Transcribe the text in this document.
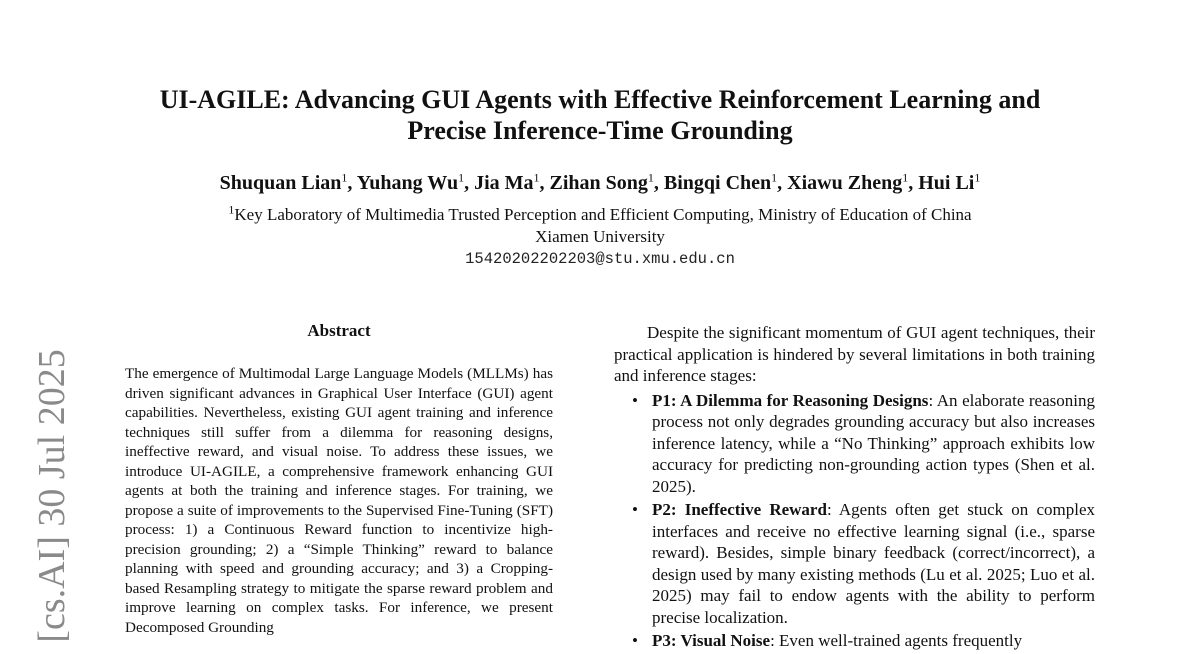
UI-AGILE: Advancing GUI Agents with Effective Reinforcement Learning and
Precise Inference-Time Grounding
Shuquan Lian$^1$, Yuhang Wu$^1$, Jia Ma$^1$, Zihan Song$^1$, Bingqi Chen$^1$, Xiawu Zheng$^1$, Hui Li$^1$
$^1$Key Laboratory of Multimedia Trusted Perception and Efficient Computing, Ministry of Education of China
Xiamen University
15420202202203@stu.xmu.edu.cn
[cs.AI] 30 Jul 2025
Abstract

The emergence of Multimodal Large Language Models (MLLMs) has driven significant advances in Graphical User Interface (GUI) agent capabilities. Nevertheless, existing GUI agent training and inference techniques still suffer from a dilemma for reasoning designs, ineffective reward, and visual noise. To address these issues, we introduce UI-AGILE, a comprehensive framework enhancing GUI agents at both the training and inference stages. For training, we propose a suite of improvements to the Supervised Fine-Tuning (SFT) process: 1) a Continuous Reward function to incentivize high-precision grounding; 2) a “Simple Thinking” reward to balance planning with speed and grounding accuracy; and 3) a Cropping-based Resampling strategy to mitigate the sparse reward problem and improve learning on complex tasks. For inference, we present Decomposed Grounding

Despite the significant momentum of GUI agent techniques, their practical application is hindered by several limitations in both training and inference stages:

• P1: A Dilemma for Reasoning Designs: An elaborate reasoning process not only degrades grounding accuracy but also increases inference latency, while a “No Thinking” approach exhibits low accuracy for predicting non-grounding action types (Shen et al. 2025).
• P2: Ineffective Reward: Agents often get stuck on complex interfaces and receive no effective learning signal (i.e., sparse reward). Besides, simple binary feedback (correct/incorrect), a design used by many existing methods (Lu et al. 2025; Luo et al. 2025) may fail to endow agents with the ability to perform precise localization.
• P3: Visual Noise: Even well-trained agents frequently
